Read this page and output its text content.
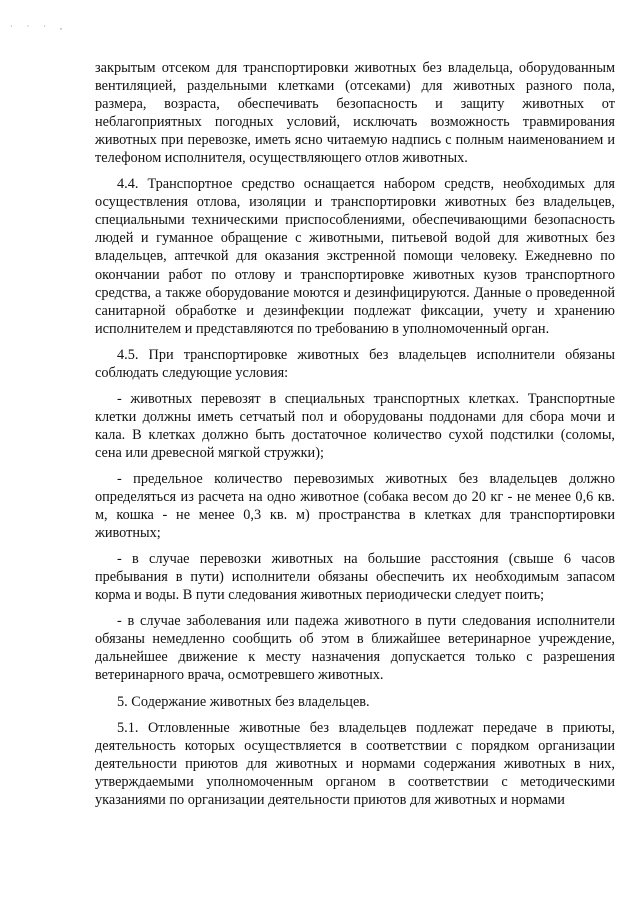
· · · ,

закрытым отсеком для транспортировки животных без владельца, оборудованным вентиляцией, раздельными клетками (отсеками) для животных разного пола, размера, возраста, обеспечивать безопасность и защиту животных от неблагоприятных погодных условий, исключать возможность травмирования животных при перевозке, иметь ясно читаемую надпись с полным наименованием и телефоном исполнителя, осуществляющего отлов животных.

4.4. Транспортное средство оснащается набором средств, необходимых для осуществления отлова, изоляции и транспортировки животных без владельцев, специальными техническими приспособлениями, обеспечивающими безопасность людей и гуманное обращение с животными, питьевой водой для животных без владельцев, аптечкой для оказания экстренной помощи человеку. Ежедневно по окончании работ по отлову и транспортировке животных кузов транспортного средства, а также оборудование моются и дезинфицируются. Данные о проведенной санитарной обработке и дезинфекции подлежат фиксации, учету и хранению исполнителем и представляются по требованию в уполномоченный орган.

4.5. При транспортировке животных без владельцев исполнители обязаны соблюдать следующие условия:

- животных перевозят в специальных транспортных клетках. Транспортные клетки должны иметь сетчатый пол и оборудованы поддонами для сбора мочи и кала. В клетках должно быть достаточное количество сухой подстилки (соломы, сена или древесной мягкой стружки);

- предельное количество перевозимых животных без владельцев должно определяться из расчета на одно животное (собака весом до 20 кг - не менее 0,6 кв. м, кошка - не менее 0,3 кв. м) пространства в клетках для транспортировки животных;

- в случае перевозки животных на большие расстояния (свыше 6 часов пребывания в пути) исполнители обязаны обеспечить их необходимым запасом корма и воды. В пути следования животных периодически следует поить;

- в случае заболевания или падежа животного в пути следования исполнители обязаны немедленно сообщить об этом в ближайшее ветеринарное учреждение, дальнейшее движение к месту назначения допускается только с разрешения ветеринарного врача, осмотревшего животных.

5. Содержание животных без владельцев.

5.1. Отловленные животные без владельцев подлежат передаче в приюты, деятельность которых осуществляется в соответствии с порядком организации деятельности приютов для животных и нормами содержания животных в них, утверждаемыми уполномоченным органом в соответствии с методическими указаниями по организации деятельности приютов для животных и нормами
